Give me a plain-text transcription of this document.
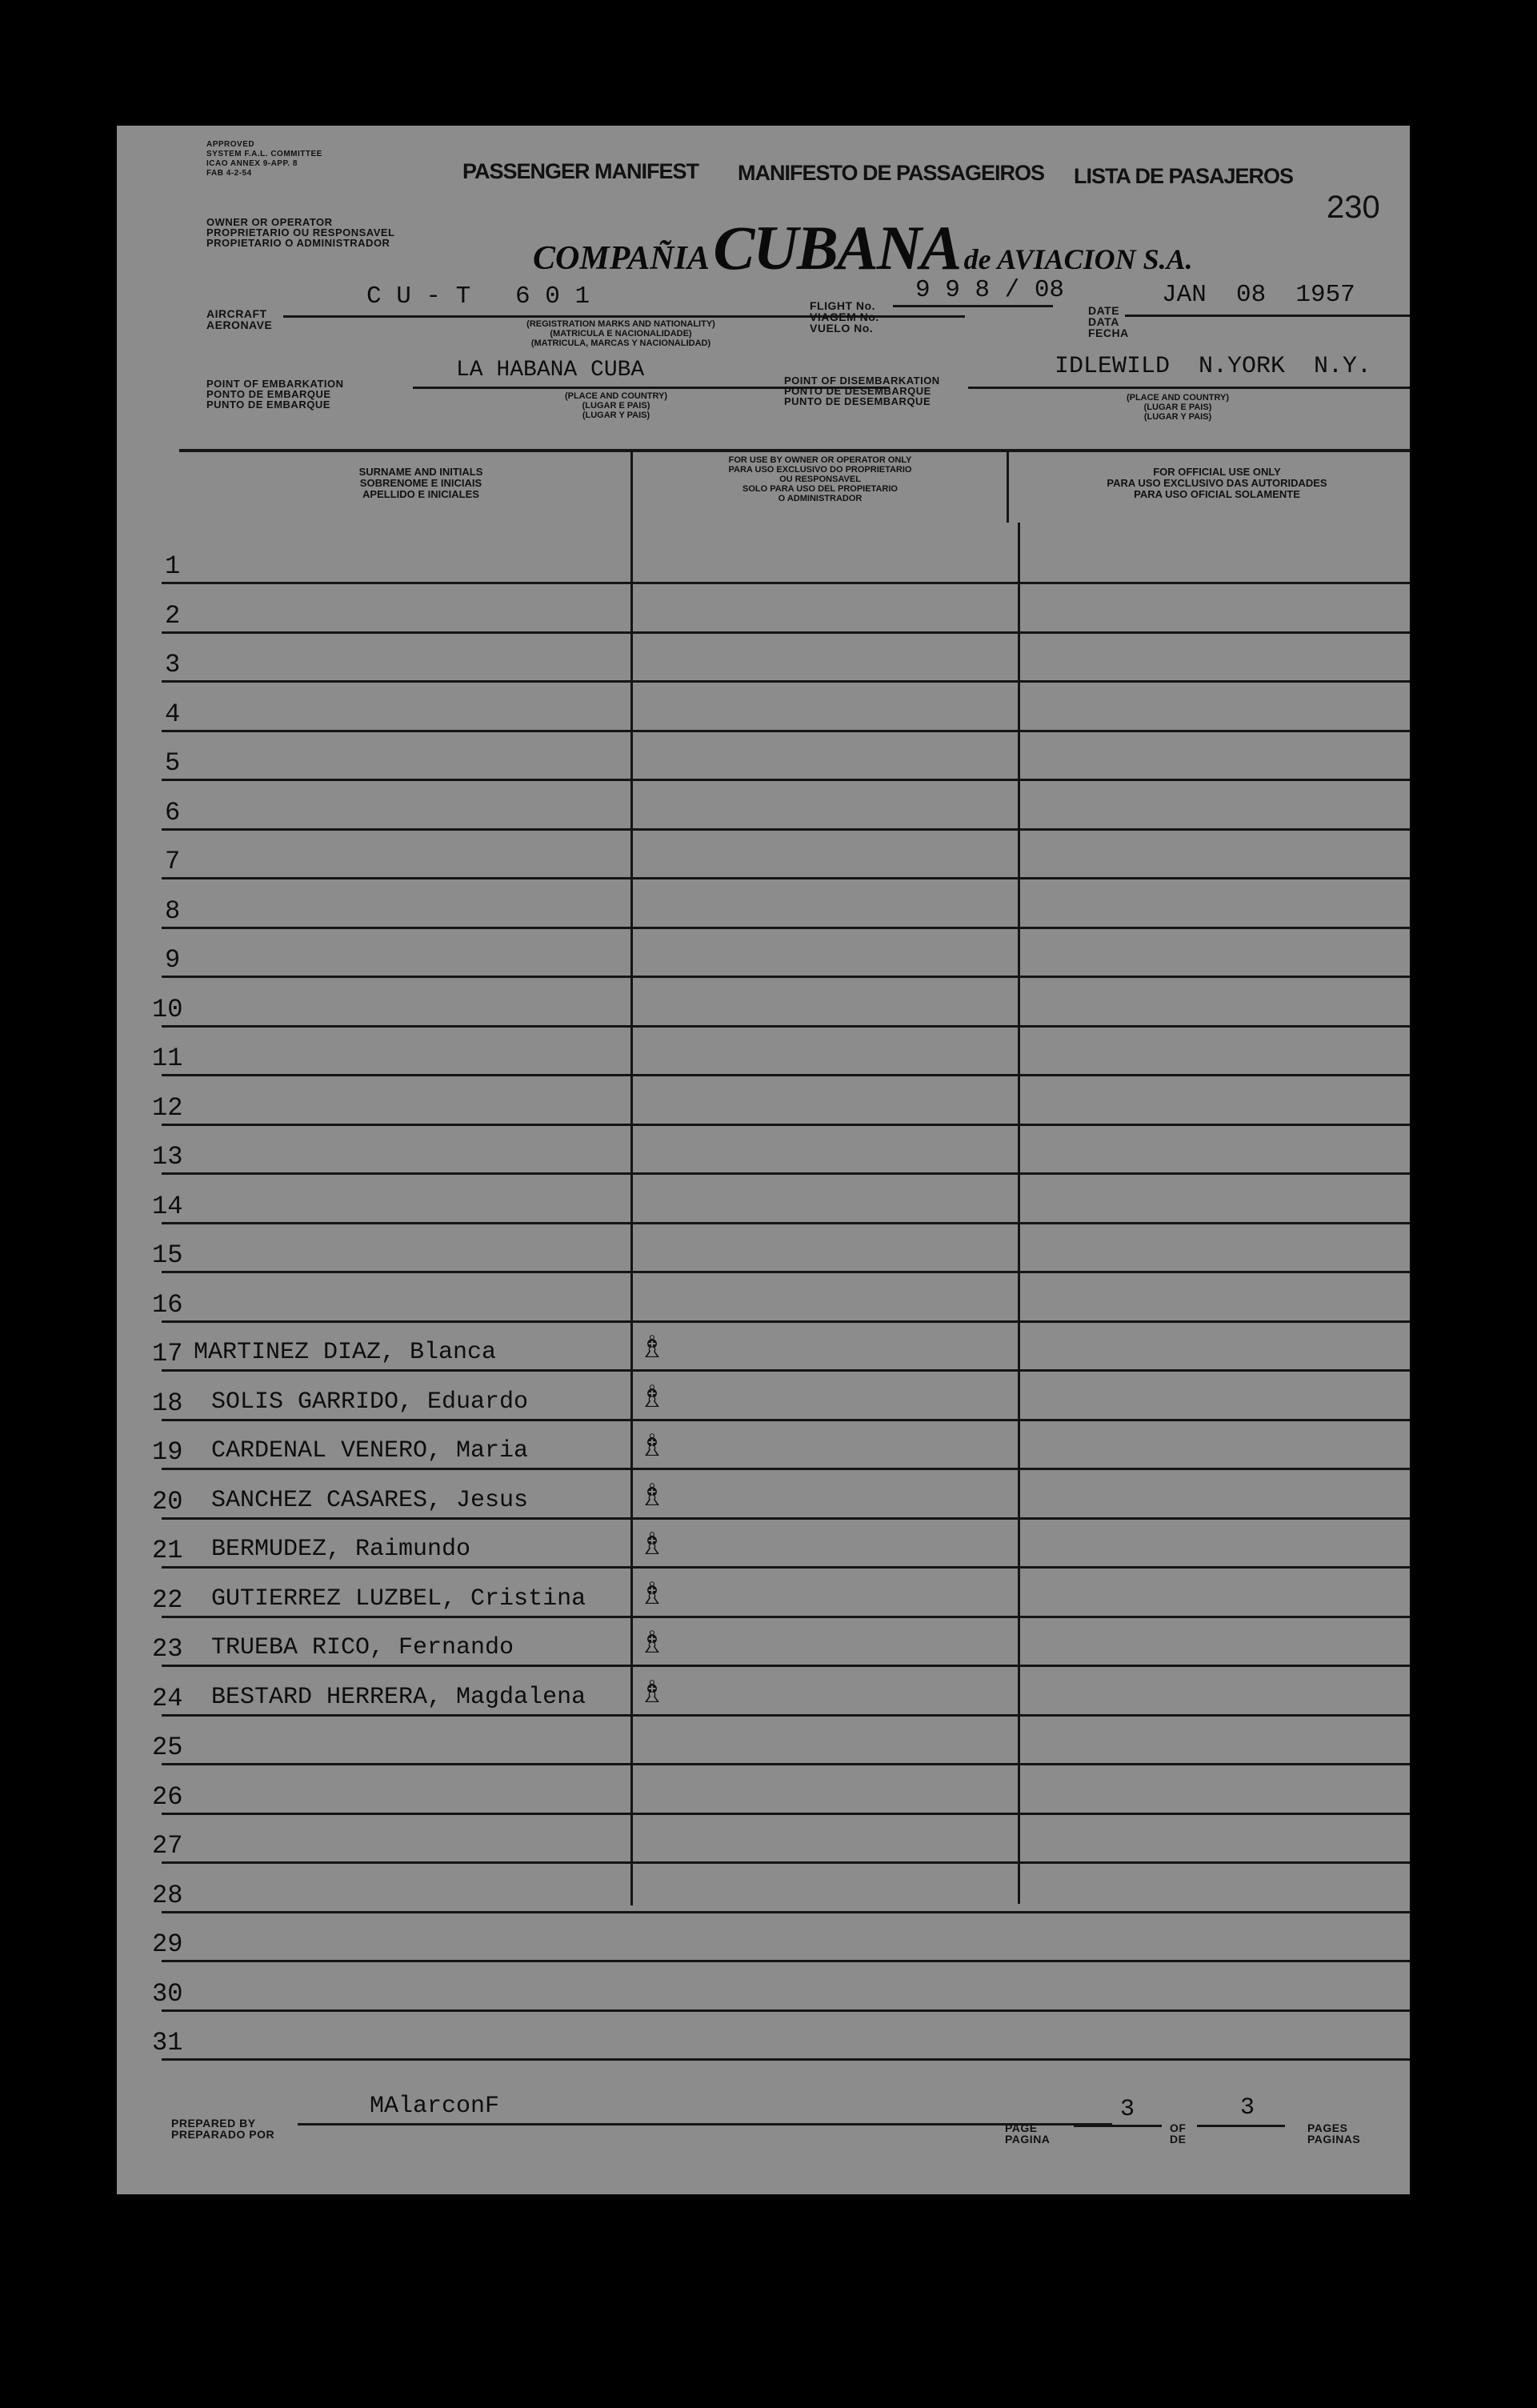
APPROVED
SYSTEM F.A.L. COMMITTEE
ICAO ANNEX 9-APP. 8
FAB 4-2-54	PASSENGER MANIFEST MANIFESTO DE PASSAGEIROS LISTA DE PASAJEROS
230
OWNER OR OPERATOR
PROPRIETARIO OU RESPONSAVEL
PROPIETARIO O ADMINISTRADOR	COMPAÑIA CUBANA de AVIACION S.A.
AIRCRAFT
AERONAVE
C U - T   6 0 1
(REGISTRATION MARKS AND NATIONALITY)
(MATRICULA E NACIONALIDADE)
(MATRICULA, MARCAS Y NACIONALIDAD)
FLIGHT No.
VIAGEM No.
VUELO No.
9 9 8 / 08
DATE
DATA
FECHA
JAN  08  1957
POINT OF EMBARKATION
PONTO DE EMBARQUE
PUNTO DE EMBARQUE
LA HABANA CUBA
(PLACE AND COUNTRY)
(LUGAR E PAIS)
(LUGAR Y PAIS)
POINT OF DISEMBARKATION
PONTO DE DESEMBARQUE
PUNTO DE DESEMBARQUE
IDLEWILD  N.YORK  N.Y.
(PLACE AND COUNTRY)
(LUGAR E PAIS)
(LUGAR Y PAIS)
SURNAME AND INITIALS
SOBRENOME E INICIAIS
APELLIDO E INICIALES
FOR USE BY OWNER OR OPERATOR ONLY
PARA USO EXCLUSIVO DO PROPRIETARIO
OU RESPONSAVEL
SOLO PARA USO DEL PROPIETARIO
O ADMINISTRADOR
FOR OFFICIAL USE ONLY
PARA USO EXCLUSIVO DAS AUTORIDADES
PARA USO OFICIAL SOLAMENTE
1
2
3
4
5
6
7
8
9
10
11
12
13
14
15
16
17 MARTINEZ DIAZ, Blanca	♗
18 SOLIS GARRIDO, Eduardo	♗
19 CARDENAL VENERO, Maria	♗
20 SANCHEZ CASARES, Jesus	♗
21 BERMUDEZ, Raimundo	♗
22 GUTIERREZ LUZBEL, Cristina ♗
23 TRUEBA RICO, Fernando	♗
24 BESTARD HERRERA, Magdalena ♗
25
26
27
28
29
30
31
PREPARED BY
PREPARADO POR
MAlarconF
PAGE
PAGINA
3
OF
DE
3
PAGES
PAGINAS
